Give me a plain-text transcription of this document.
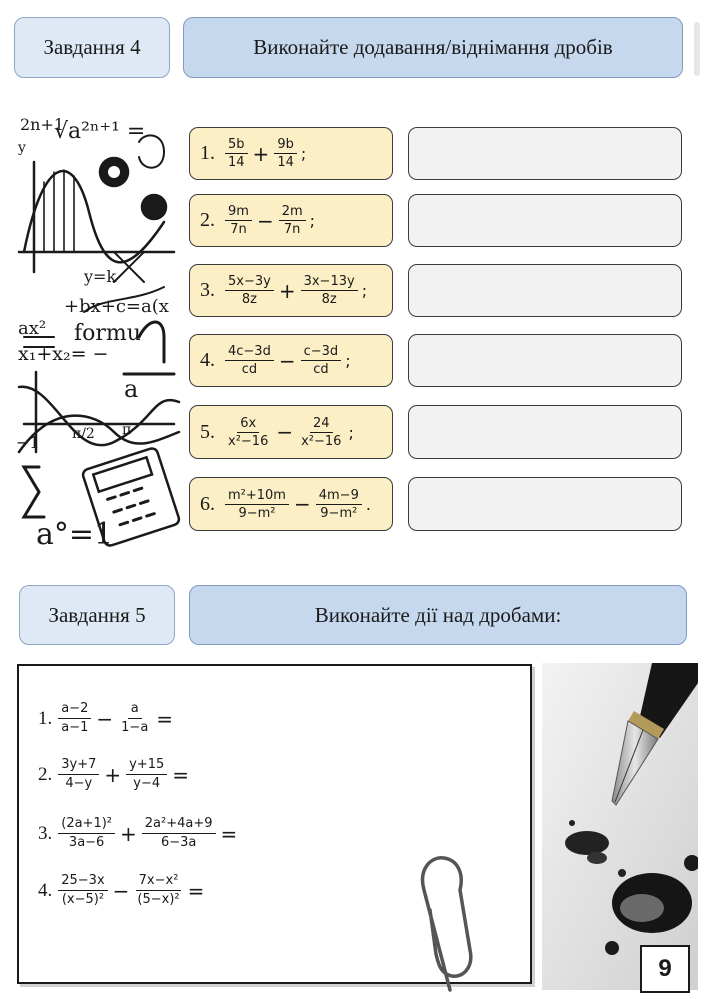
Завдання 4	Виконайте додавання/віднімання дробів
2n+1
√a²ⁿ⁺¹ =
y
y=k
+bx+c=a(x
ax² formu
x₁+x₂= −
a
−1 π/2 π
a°=1
1. $\frac{5b}{14} + \frac{9b}{14}$ ;
2. $\frac{9m}{7n} - \frac{2m}{7n}$ ;
3. $\frac{5x-3y}{8z} + \frac{3x-13y}{8z}$ ;
4. $\frac{4c-3d}{cd} - \frac{c-3d}{cd}$ ;
5. $\frac{6x}{\text{x²−16}} - \frac{24}{\text{x²−16}}$ ;
6. $\frac{\text{m²+10m}}{\text{9−m²}} - \frac{4m-9}{\text{9−m²}}$ .
Завдання 5	Виконайте дії над дробами:
1. $\frac{a-2}{a-1} - \frac{a}{1-a}$ =
2. $\frac{3y+7}{4-y} + \frac{y+15}{y-4}$ =
3. $\frac{\text{(2a+1)²}}{3a-6} + \frac{\text{2a²+4a+9}}{6-3a}$ =
4. $\frac{25-3x}{\text{(x−5)²}} - \frac{\text{7x−x²}}{\text{(5−x)²}}$ =
9
